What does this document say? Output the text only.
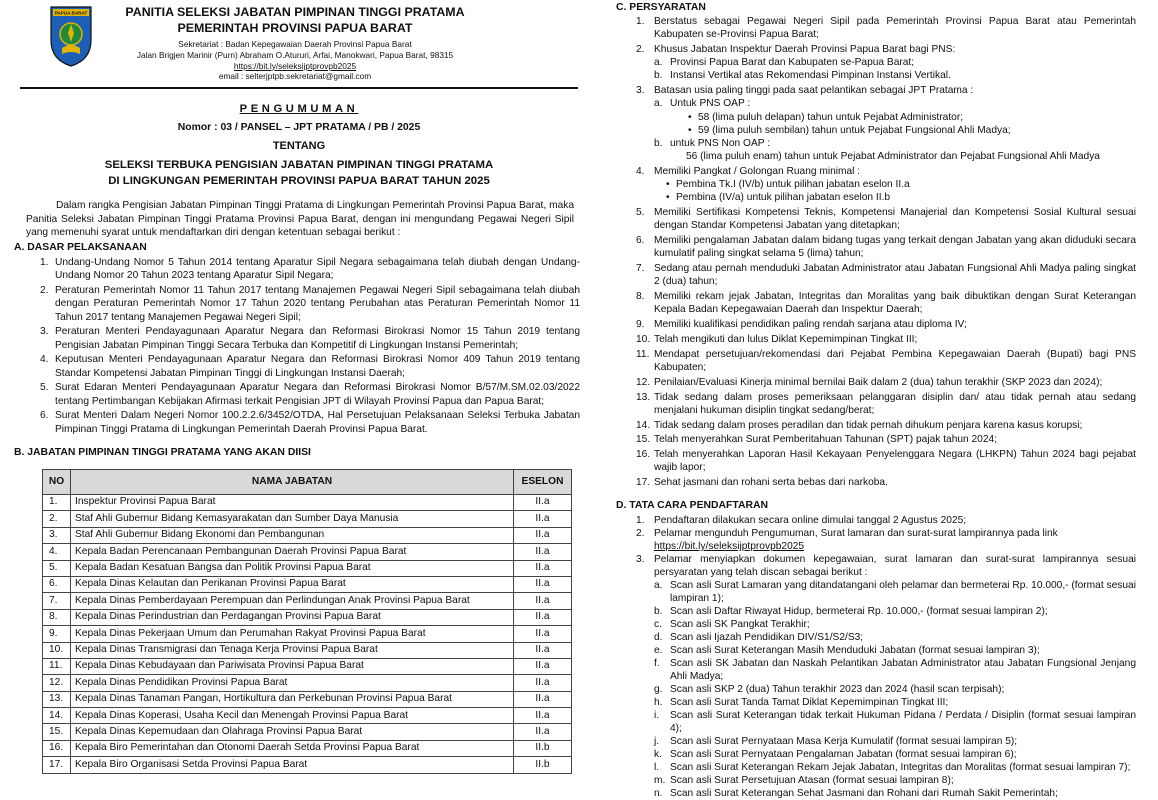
PAPUA BARAT	PANITIA SELEKSI JABATAN PIMPINAN TINGGI PRATAMA
PEMERINTAH PROVINSI PAPUA BARAT
Sekretariat : Badan Kepegawaian Daerah Provinsi Papua Barat
Jalan Brigjen Marinir (Purn) Abraham O.Atururi, Arfai, Manokwari, Papua Barat, 98315
https://bit.ly/seleksijptprovpb2025
email : selterjptpb.sekretariat@gmail.com
PENGUMUMAN
Nomor : 03 / PANSEL – JPT PRATAMA / PB / 2025
TENTANG
SELEKSI TERBUKA PENGISIAN JABATAN PIMPINAN TINGGI PRATAMA
DI LINGKUNGAN PEMERINTAH PROVINSI PAPUA BARAT TAHUN 2025

Dalam rangka Pengisian Jabatan Pimpinan Tinggi Pratama di Lingkungan Pemerintah Provinsi Papua Barat, maka Panitia Seleksi Jabatan Pimpinan Tinggi Pratama Provinsi Papua Barat, dengan ini mengundang Pegawai Negeri Sipil yang memenuhi syarat untuk mendaftarkan diri dengan ketentuan sebagai berikut :

A. DASAR PELAKSANAAN
1. Undang-Undang Nomor 5 Tahun 2014 tentang Aparatur Sipil Negara sebagaimana telah diubah dengan Undang-Undang Nomor 20 Tahun 2023 tentang Aparatur Sipil Negara;
2. Peraturan Pemerintah Nomor 11 Tahun 2017 tentang Manajemen Pegawai Negeri Sipil sebagaimana telah diubah dengan Peraturan Pemerintah Nomor 17 Tahun 2020 tentang Perubahan atas Peraturan Pemerintah Nomor 11 Tahun 2017 tentang Manajemen Pegawai Negeri Sipil;
3. Peraturan Menteri Pendayagunaan Aparatur Negara dan Reformasi Birokrasi Nomor 15 Tahun 2019 tentang Pengisian Jabatan Pimpinan Tinggi Secara Terbuka dan Kompetitif di Lingkungan Instansi Pemerintah;
4. Keputusan Menteri Pendayagunaan Aparatur Negara dan Reformasi Birokrasi Nomor 409 Tahun 2019 tentang Standar Kompetensi Jabatan Pimpinan Tinggi di Lingkungan Instansi Daerah;
5. Surat Edaran Menteri Pendayagunaan Aparatur Negara dan Reformasi Birokrasi Nomor B/57/M.SM.02.03/2022 tentang Pertimbangan Kebijakan Afirmasi terkait Pengisian JPT di Wilayah Provinsi Papua dan Papua Barat;
6. Surat Menteri Dalam Negeri Nomor 100.2.2.6/3452/OTDA, Hal Persetujuan Pelaksanaan Seleksi Terbuka Jabatan Pimpinan Tinggi Pratama di Lingkungan Pemerintah Daerah Provinsi Papua Barat.
B. JABATAN PIMPINAN TINGGI PRATAMA YANG AKAN DIISI
NO	NAMA JABATAN	ESELON
1.	Inspektur Provinsi Papua Barat	II.a
2.	Staf Ahli Gubernur Bidang Kemasyarakatan dan Sumber Daya Manusia	II.a
3.	Staf Ahli Gubernur Bidang Ekonomi dan Pembangunan	II.a
4.	Kepala Badan Perencanaan Pembangunan Daerah Provinsi Papua Barat	II.a
5.	Kepala Badan Kesatuan Bangsa dan Politik Provinsi Papua Barat	II.a
6.	Kepala Dinas Kelautan dan Perikanan Provinsi Papua Barat	II.a
7.	Kepala Dinas Pemberdayaan Perempuan dan Perlindungan Anak Provinsi Papua Barat	II.a
8.	Kepala Dinas Perindustrian dan Perdagangan Provinsi Papua Barat	II.a
9.	Kepala Dinas Pekerjaan Umum dan Perumahan Rakyat Provinsi Papua Barat	II.a
10.	Kepala Dinas Transmigrasi dan Tenaga Kerja Provinsi Papua Barat	II.a
11.	Kepala Dinas Kebudayaan dan Pariwisata Provinsi Papua Barat	II.a
12.	Kepala Dinas Pendidikan Provinsi Papua Barat	II.a
13.	Kepala Dinas Tanaman Pangan, Hortikultura dan Perkebunan Provinsi Papua Barat	II.a
14.	Kepala Dinas Koperasi, Usaha Kecil dan Menengah Provinsi Papua Barat	II.a
15.	Kepala Dinas Kepemudaan dan Olahraga Provinsi Papua Barat	II.a
16.	Kepala Biro Pemerintahan dan Otonomi Daerah Setda Provinsi Papua Barat	II.b
17.	Kepala Biro Organisasi Setda Provinsi Papua Barat	II.b
C. PERSYARATAN
1. Berstatus sebagai Pegawai Negeri Sipil pada Pemerintah Provinsi Papua Barat atau Pemerintah Kabupaten se-Provinsi Papua Barat;
2. Khusus Jabatan Inspektur Daerah Provinsi Papua Barat bagi PNS:
a. Provinsi Papua Barat dan Kabupaten se-Papua Barat;
b. Instansi Vertikal atas Rekomendasi Pimpinan Instansi Vertikal.
3. Batasan usia paling tinggi pada saat pelantikan sebagai JPT Pratama :
a. Untuk PNS OAP :
• 58 (lima puluh delapan) tahun untuk Pejabat Administrator;
• 59 (lima puluh sembilan) tahun untuk Pejabat Fungsional Ahli Madya;
b. untuk PNS Non OAP :
56 (lima puluh enam) tahun untuk Pejabat Administrator dan Pejabat Fungsional Ahli Madya
4. Memiliki Pangkat / Golongan Ruang minimal :
• Pembina Tk.I (IV/b) untuk pilihan jabatan eselon II.a
• Pembina (IV/a) untuk pilihan jabatan eselon II.b
5. Memiliki Sertifikasi Kompetensi Teknis, Kompetensi Manajerial dan Kompetensi Sosial Kultural sesuai dengan Standar Kompetensi Jabatan yang ditetapkan;
6. Memiliki pengalaman Jabatan dalam bidang tugas yang terkait dengan Jabatan yang akan diduduki secara kumulatif paling singkat selama 5 (lima) tahun;
7. Sedang atau pernah menduduki Jabatan Administrator atau Jabatan Fungsional Ahli Madya paling singkat 2 (dua) tahun;
8. Memiliki rekam jejak Jabatan, Integritas dan Moralitas yang baik dibuktikan dengan Surat Keterangan Kepala Badan Kepegawaian Daerah dan Inspektur Daerah;
9. Memiliki kualifikasi pendidikan paling rendah sarjana atau diploma IV;
10. Telah mengikuti dan lulus Diklat Kepemimpinan Tingkat III;
11. Mendapat persetujuan/rekomendasi dari Pejabat Pembina Kepegawaian Daerah (Bupati) bagi PNS Kabupaten;
12. Penilaian/Evaluasi Kinerja minimal bernilai Baik dalam 2 (dua) tahun terakhir (SKP 2023 dan 2024);
13. Tidak sedang dalam proses pemeriksaan pelanggaran disiplin dan/ atau tidak pernah atau sedang menjalani hukuman disiplin tingkat sedang/berat;
14. Tidak sedang dalam proses peradilan dan tidak pernah dihukum penjara karena kasus korupsi;
15. Telah menyerahkan Surat Pemberitahuan Tahunan (SPT) pajak tahun 2024;
16. Telah menyerahkan Laporan Hasil Kekayaan Penyelenggara Negara (LHKPN) Tahun 2024 bagi pejabat wajib lapor;
17. Sehat jasmani dan rohani serta bebas dari narkoba.
D. TATA CARA PENDAFTARAN
1. Pendaftaran dilakukan secara online dimulai tanggal 2 Agustus 2025;
2. Pelamar mengunduh Pengumuman, Surat lamaran dan surat-surat lampirannya pada link
https://bit.ly/seleksijptprovpb2025
3. Pelamar menyiapkan dokumen kepegawaian, surat lamaran dan surat-surat lampirannya sesuai persyaratan yang telah discan sebagai berikut :
a. Scan asli Surat Lamaran yang ditandatangani oleh pelamar dan bermeterai Rp. 10.000,- (format sesuai lampiran 1);
b. Scan asli Daftar Riwayat Hidup, bermeterai Rp. 10.000,- (format sesuai lampiran 2);
c. Scan asli SK Pangkat Terakhir;
d. Scan asli Ijazah Pendidikan DIV/S1/S2/S3;
e. Scan asli Surat Keterangan Masih Menduduki Jabatan (format sesuai lampiran 3);
f. Scan asli SK Jabatan dan Naskah Pelantikan Jabatan Administrator atau Jabatan Fungsional Jenjang Ahli Madya;
g. Scan asli SKP 2 (dua) Tahun terakhir 2023 dan 2024 (hasil scan terpisah);
h. Scan asli Surat Tanda Tamat Diklat Kepemimpinan Tingkat III;
i. Scan asli Surat Keterangan tidak terkait Hukuman Pidana / Perdata / Disiplin (format sesuai lampiran 4);
j. Scan asli Surat Pernyataan Masa Kerja Kumulatif (format sesuai lampiran 5);
k. Scan asli Surat Pernyataan Pengalaman Jabatan (format sesuai lampiran 6);
l. Scan asli Surat Keterangan Rekam Jejak Jabatan, Integritas dan Moralitas (format sesuai lampiran 7);
m. Scan asli Surat Persetujuan Atasan (format sesuai lampiran 8);
n. Scan asli Surat Keterangan Sehat Jasmani dan Rohani dari Rumah Sakit Pemerintah;
